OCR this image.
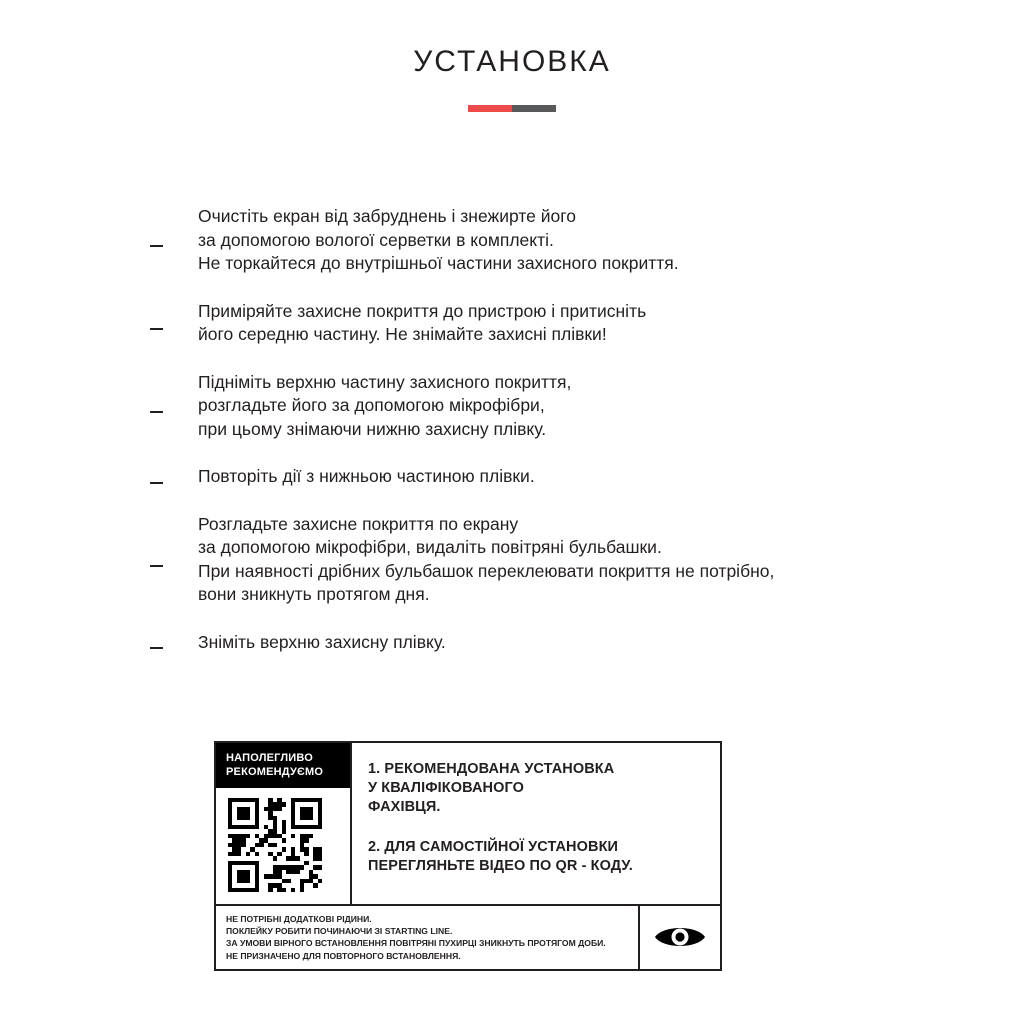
УСТАНОВКА
Очистіть екран від забруднень і знежирте його
за допомогою вологої серветки в комплекті.
Не торкайтеся до внутрішньої частини захисного покриття.
Приміряйте захисне покриття до пристрою і притисніть
його середню частину. Не знімайте захисні плівки!
Підніміть верхню частину захисного покриття,
розгладьте його за допомогою мікрофібри,
при цьому знімаючи нижню захисну плівку.
Повторіть дії з нижньою частиною плівки.
Розгладьте захисне покриття по екрану
за допомогою мікрофібри, видаліть повітряні бульбашки.
При наявності дрібних бульбашок переклеювати покриття не потрібно,
вони зникнуть протягом дня.
Зніміть верхню захисну плівку.
НАПОЛЕГЛИВО
РЕКОМЕНДУЄМО	1. РЕКОМЕНДОВАНА УСТАНОВКА
У КВАЛІФІКОВАНОГО
ФАХІВЦЯ.

2. ДЛЯ САМОСТІЙНОЇ УСТАНОВКИ
ПЕРЕГЛЯНЬТЕ ВІДЕО ПО QR - КОДУ.

НЕ ПОТРІБНІ ДОДАТКОВІ РІДИНИ.
ПОКЛЕЙКУ РОБИТИ ПОЧИНАЮЧИ ЗІ STARTING LINE.
ЗА УМОВИ ВІРНОГО ВСТАНОВЛЕННЯ ПОВІТРЯНІ ПУХИРЦІ ЗНИКНУТЬ ПРОТЯГОМ ДОБИ.
НЕ ПРИЗНАЧЕНО ДЛЯ ПОВТОРНОГО ВСТАНОВЛЕННЯ.
